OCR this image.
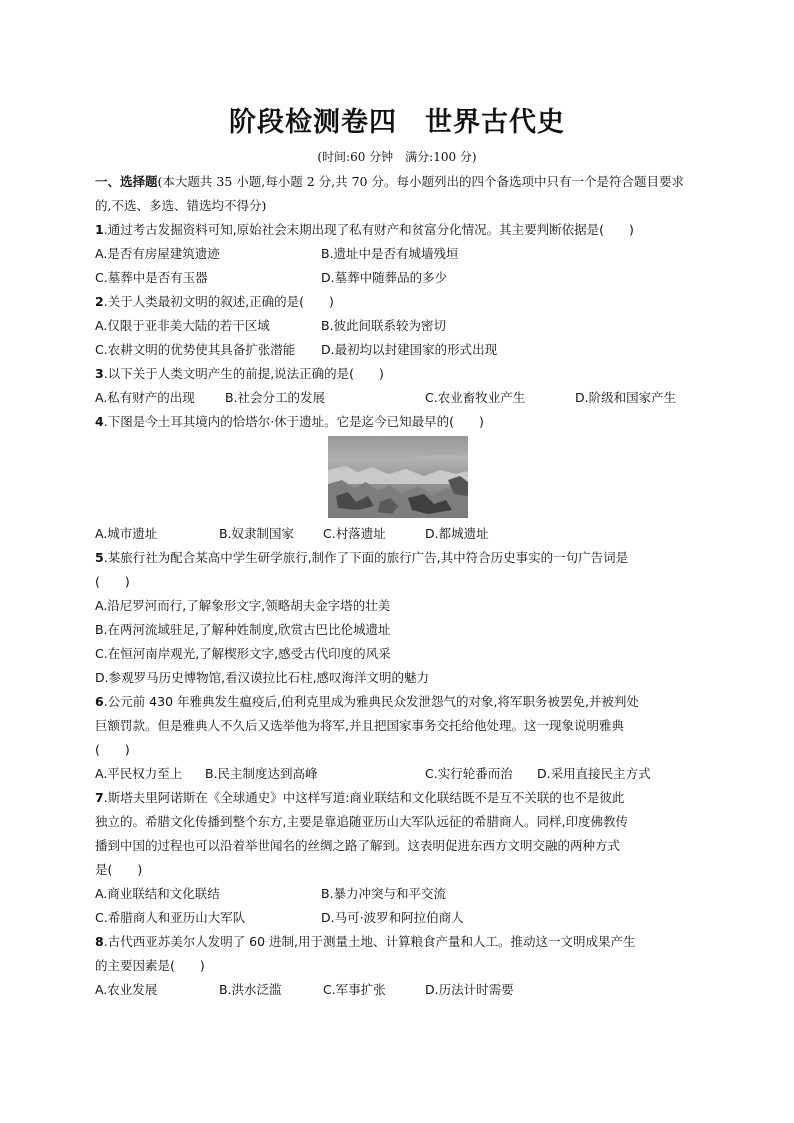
阶段检测卷四　世界古代史
(时间:60 分钟　满分:100 分)
一、选择题(本大题共 35 小题,每小题 2 分,共 70 分。每小题列出的四个备选项中只有一个是符合题目要求的,不选、多选、错选均不得分)

1.通过考古发掘资料可知,原始社会末期出现了私有财产和贫富分化情况。其主要判断依据是(　　)

A.是否有房屋建筑遗迹	B.遗址中是否有城墙残垣
C.墓葬中是否有玉器	D.墓葬中随葬品的多少

2.关于人类最初文明的叙述,正确的是(　　)

A.仅限于亚非美大陆的若干区域	B.彼此间联系较为密切
C.农耕文明的优势使其具备扩张潜能	D.最初均以封建国家的形式出现

3.以下关于人类文明产生的前提,说法正确的是(　　)

A.私有财产的出现	B.社会分工的发展	C.农业畜牧业产生	D.阶级和国家产生

4.下图是今土耳其境内的恰塔尔·休于遗址。它是迄今已知最早的(　　)

A.城市遗址	B.奴隶制国家	C.村落遗址	D.都城遗址

5.某旅行社为配合某高中学生研学旅行,制作了下面的旅行广告,其中符合历史事实的一句广告词是

(　　)

A.沿尼罗河而行,了解象形文字,领略胡夫金字塔的壮美

B.在两河流域驻足,了解种姓制度,欣赏古巴比伦城遗址

C.在恒河南岸观光,了解楔形文字,感受古代印度的风采

D.参观罗马历史博物馆,看汉谟拉比石柱,感叹海洋文明的魅力

6.公元前 430 年雅典发生瘟疫后,伯利克里成为雅典民众发泄怨气的对象,将军职务被罢免,并被判处

巨额罚款。但是雅典人不久后又选举他为将军,并且把国家事务交托给他处理。这一现象说明雅典

(　　)

A.平民权力至上	B.民主制度达到高峰	C.实行轮番而治	D.采用直接民主方式

7.斯塔夫里阿诺斯在《全球通史》中这样写道:商业联结和文化联结既不是互不关联的也不是彼此

独立的。希腊文化传播到整个东方,主要是靠追随亚历山大军队远征的希腊商人。同样,印度佛教传

播到中国的过程也可以沿着举世闻名的丝绸之路了解到。这表明促进东西方文明交融的两种方式

是(　　)

A.商业联结和文化联结	B.暴力冲突与和平交流
C.希腊商人和亚历山大军队	D.马可·波罗和阿拉伯商人

8.古代西亚苏美尔人发明了 60 进制,用于测量土地、计算粮食产量和人工。推动这一文明成果产生

的主要因素是(　　)

A.农业发展	B.洪水泛滥	C.军事扩张	D.历法计时需要
